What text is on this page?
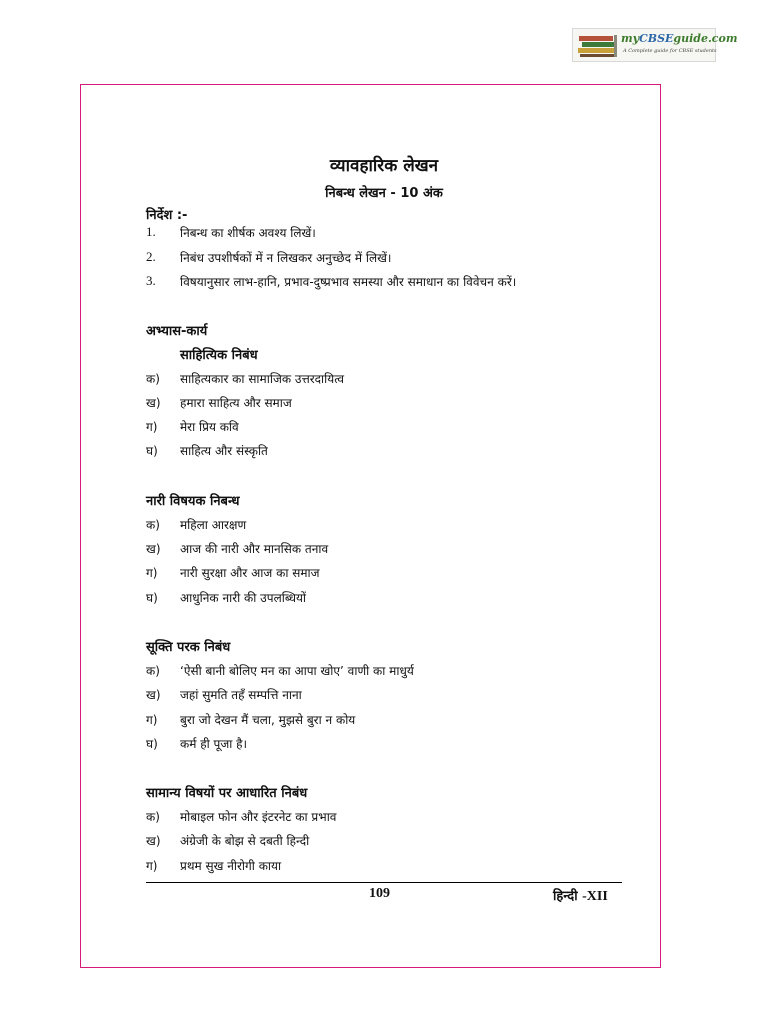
myCBSEguide.com
A Complete guide for CBSE students
व्यावहारिक लेखन
निबन्ध लेखन - 10 अंक
निर्देश :-
1. निबन्ध का शीर्षक अवश्य लिखें।
2. निबंध उपशीर्षकों में न लिखकर अनुच्छेद में लिखें।
3. विषयानुसार लाभ-हानि, प्रभाव-दुष्प्रभाव समस्या और समाधान का विवेचन करें।
अभ्यास-कार्य
साहित्यिक निबंध
क) साहित्यकार का सामाजिक उत्तरदायित्व
ख) हमारा साहित्य और समाज
ग) मेरा प्रिय कवि
घ) साहित्य और संस्कृति
नारी विषयक निबन्ध
क) महिला आरक्षण
ख) आज की नारी और मानसिक तनाव
ग) नारी सुरक्षा और आज का समाज
घ) आधुनिक नारी की उपलब्धियों
सूक्ति परक निबंध
क) ‘ऐसी बानी बोलिए मन का आपा खोए’ वाणी का माधुर्य
ख) जहां सुमति तहँ सम्पत्ति नाना
ग) बुरा जो देखन मैं चला, मुझसे बुरा न कोय
घ) कर्म ही पूजा है।
सामान्य विषयों पर आधारित निबंध
क) मोबाइल फोन और इंटरनेट का प्रभाव
ख) अंग्रेजी के बोझ से दबती हिन्दी
ग) प्रथम सुख नीरोगी काया
109	हिन्दी -XII
